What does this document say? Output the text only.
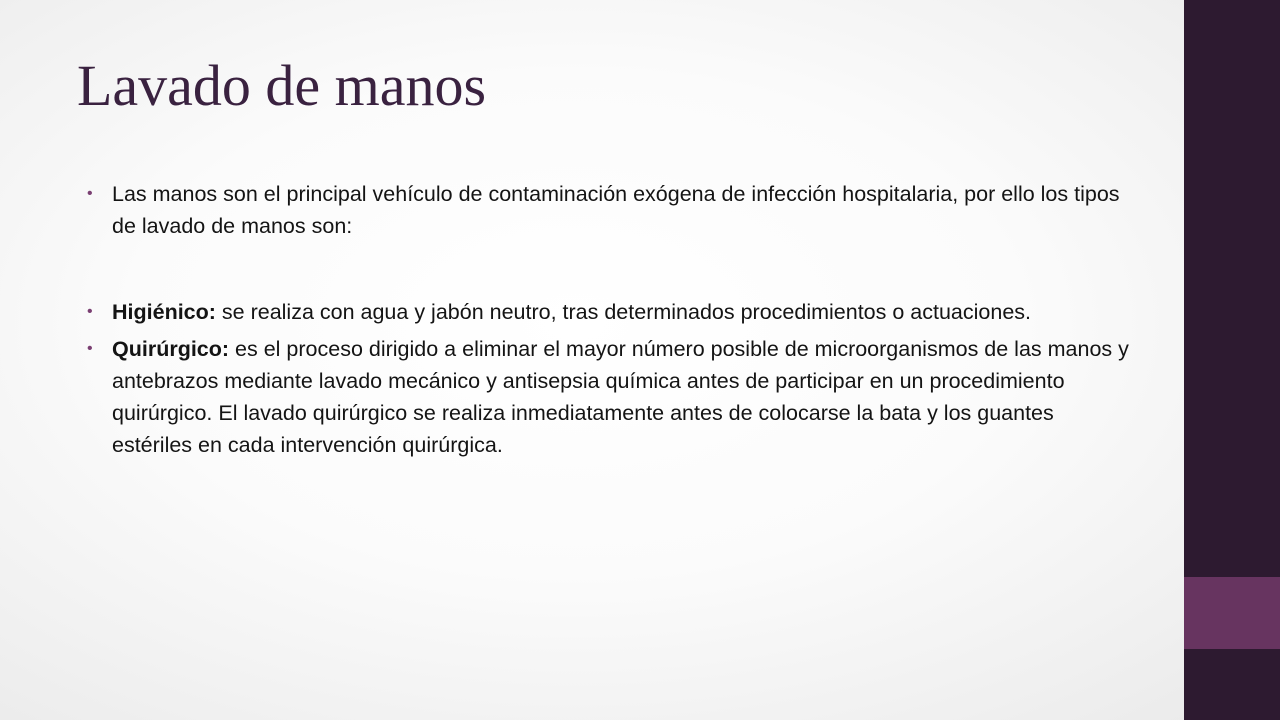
Lavado de manos
• Las manos son el principal vehículo de contaminación exógena de infección hospitalaria, por ello los tipos de lavado de manos son:
• Higiénico: se realiza con agua y jabón neutro, tras determinados procedimientos o actuaciones.
• Quirúrgico: es el proceso dirigido a eliminar el mayor número posible de microorganismos de las manos y antebrazos mediante lavado mecánico y antisepsia química antes de participar en un procedimiento quirúrgico. El lavado quirúrgico se realiza inmediatamente antes de colocarse la bata y los guantes estériles en cada intervención quirúrgica.
